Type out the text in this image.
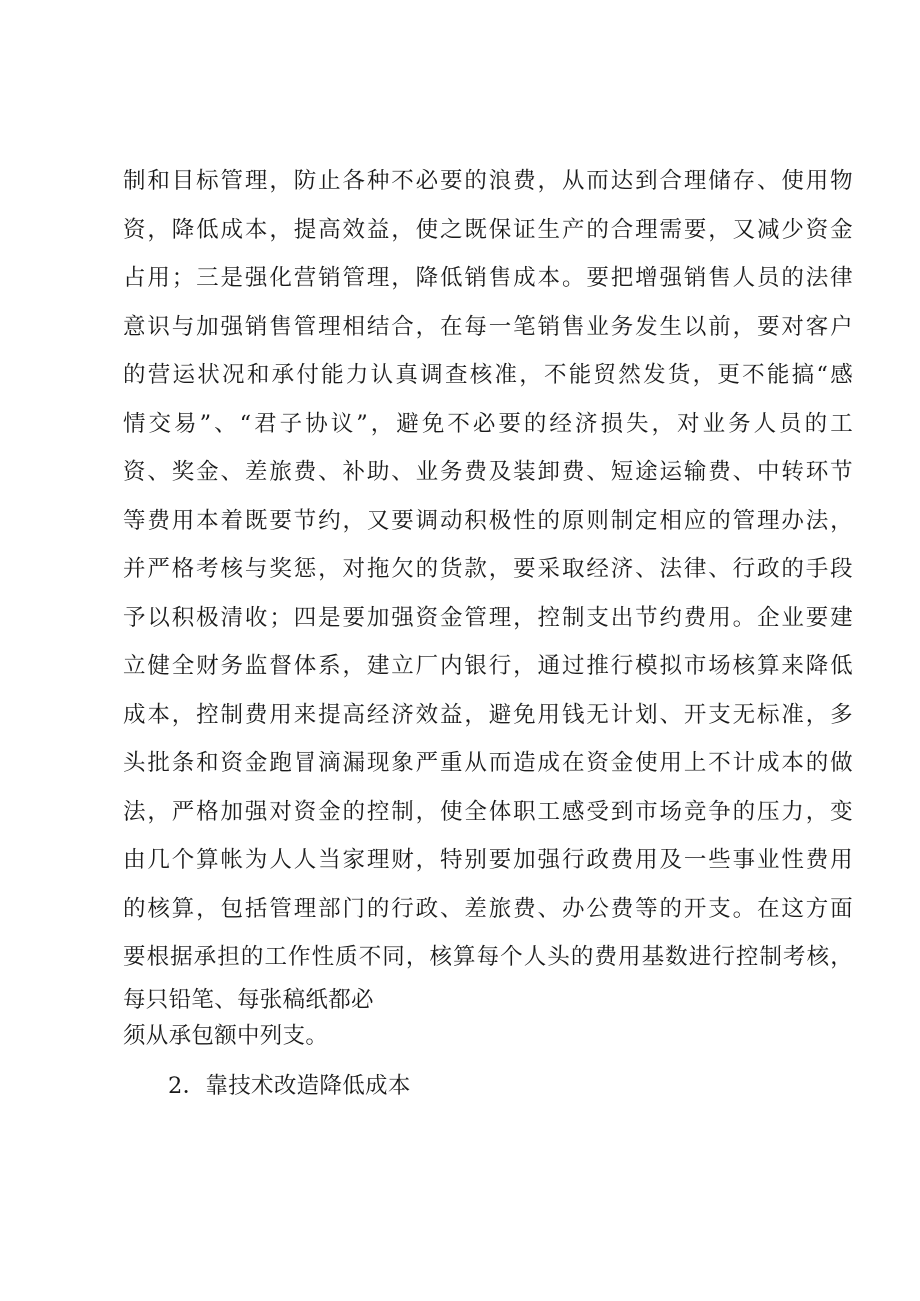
制和目标管理，防止各种不必要的浪费，从而达到合理储存、使用物
资，降低成本，提高效益，使之既保证生产的合理需要，又减少资金
占用；三是强化营销管理，降低销售成本。要把增强销售人员的法律
意识与加强销售管理相结合，在每一笔销售业务发生以前，要对客户
的营运状况和承付能力认真调查核准，不能贸然发货，更不能搞“感
情交易”、“君子协议”，避免不必要的经济损失，对业务人员的工
资、奖金、差旅费、补助、业务费及装卸费、短途运输费、中转环节
等费用本着既要节约，又要调动积极性的原则制定相应的管理办法，
并严格考核与奖惩，对拖欠的货款，要采取经济、法律、行政的手段
予以积极清收；四是要加强资金管理，控制支出节约费用。企业要建
立健全财务监督体系，建立厂内银行，通过推行模拟市场核算来降低
成本，控制费用来提高经济效益，避免用钱无计划、开支无标准，多
头批条和资金跑冒滴漏现象严重从而造成在资金使用上不计成本的做
法，严格加强对资金的控制，使全体职工感受到市场竞争的压力，变
由几个算帐为人人当家理财，特别要加强行政费用及一些事业性费用
的核算，包括管理部门的行政、差旅费、办公费等的开支。在这方面
要根据承担的工作性质不同，核算每个人头的费用基数进行控制考核，
每只铅笔、每张稿纸都必
须从承包额中列支。
2．靠技术改造降低成本
